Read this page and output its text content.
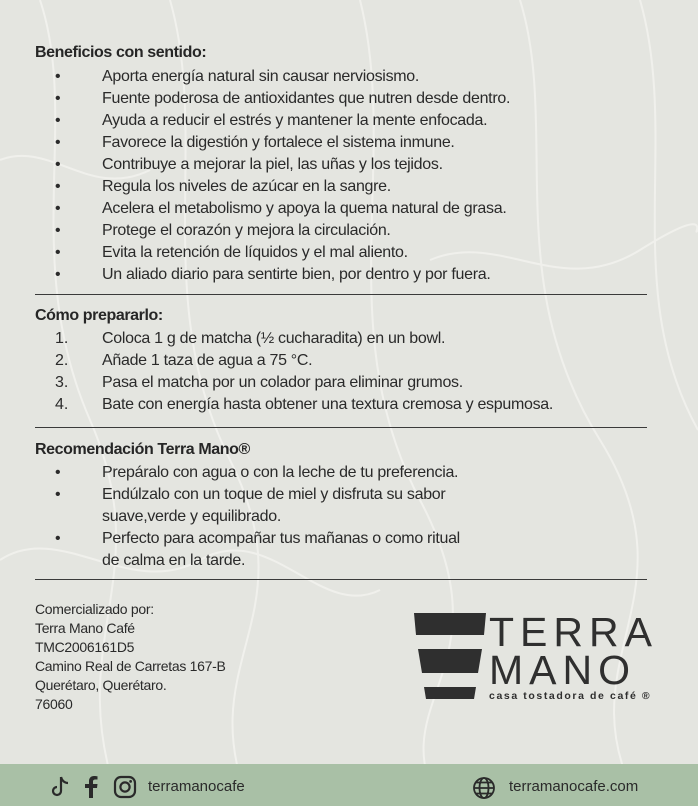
Beneficios con sentido:
•	Aporta energía natural sin causar nerviosismo.
•	Fuente poderosa de antioxidantes que nutren desde dentro.
•	Ayuda a reducir el estrés y mantener la mente enfocada.
•	Favorece la digestión y fortalece el sistema inmune.
•	Contribuye a mejorar la piel, las uñas y los tejidos.
•	Regula los niveles de azúcar en la sangre.
•	Acelera el metabolismo y apoya la quema natural de grasa.
•	Protege el corazón y mejora la circulación.
•	Evita la retención de líquidos y el mal aliento.
•	Un aliado diario para sentirte bien, por dentro y por fuera.
Cómo prepararlo:
1. Coloca 1 g de matcha (½ cucharadita) en un bowl.
2. Añade 1 taza de agua a 75 °C.
3. Pasa el matcha por un colador para eliminar grumos.
4. Bate con energía hasta obtener una textura cremosa y espumosa.
Recomendación Terra Mano®
•	Prepáralo con agua o con la leche de tu preferencia.
•	Endúlzalo con un toque de miel y disfruta su sabor
suave,verde y equilibrado.
•	Perfecto para acompañar tus mañanas o como ritual
de calma en la tarde.
Comercializado por:
Terra Mano Café
TMC2006161D5
Camino Real de Carretas 167-B
Querétaro, Querétaro.
76060
TERRA
MANO
casa tostadora de café ®
terramanocafe	terramanocafe.com
